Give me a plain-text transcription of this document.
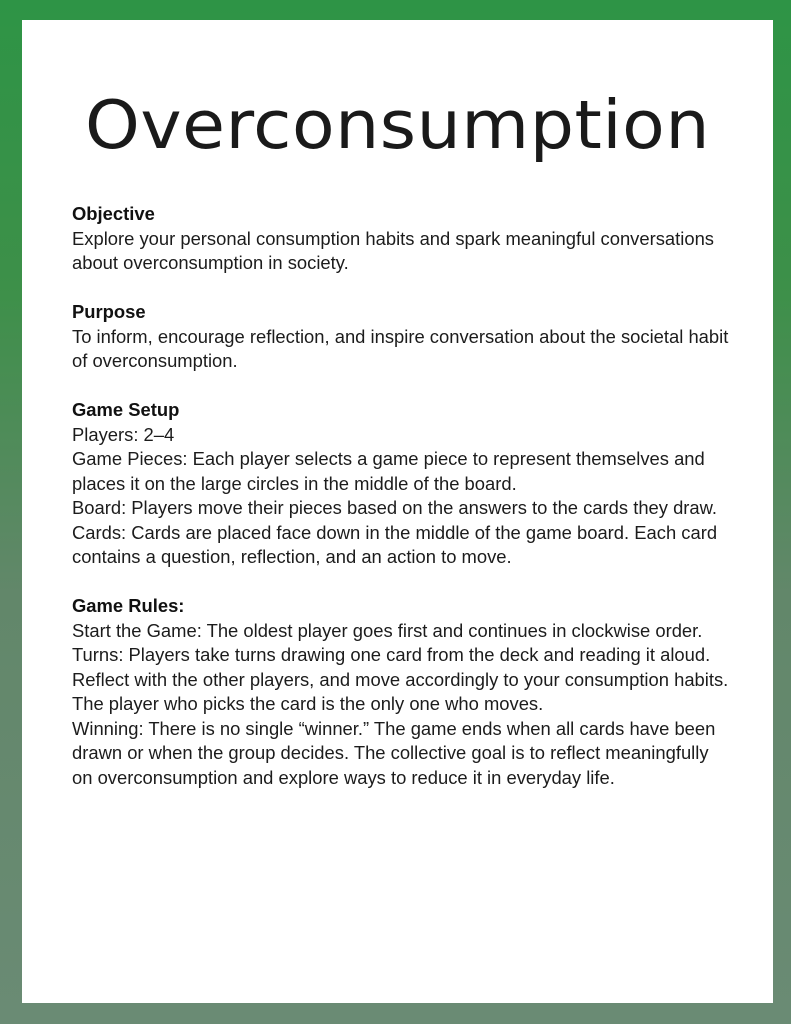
Overconsumption
Objective

Explore your personal consumption habits and spark meaningful conversations about overconsumption in society.

Purpose

To inform, encourage reflection, and inspire conversation about the societal habit of overconsumption.

Game Setup

Players: 2–4

Game Pieces: Each player selects a game piece to represent themselves and places it on the large circles in the middle of the board.

Board: Players move their pieces based on the answers to the cards they draw.

Cards: Cards are placed face down in the middle of the game board. Each card contains a question, reflection, and an action to move.

Game Rules:

Start the Game: The oldest player goes first and continues in clockwise order.

Turns: Players take turns drawing one card from the deck and reading it aloud. Reflect with the other players, and move accordingly to your consumption habits. The player who picks the card is the only one who moves.

Winning: There is no single “winner.” The game ends when all cards have been drawn or when the group decides. The collective goal is to reflect meaningfully on overconsumption and explore ways to reduce it in everyday life.
